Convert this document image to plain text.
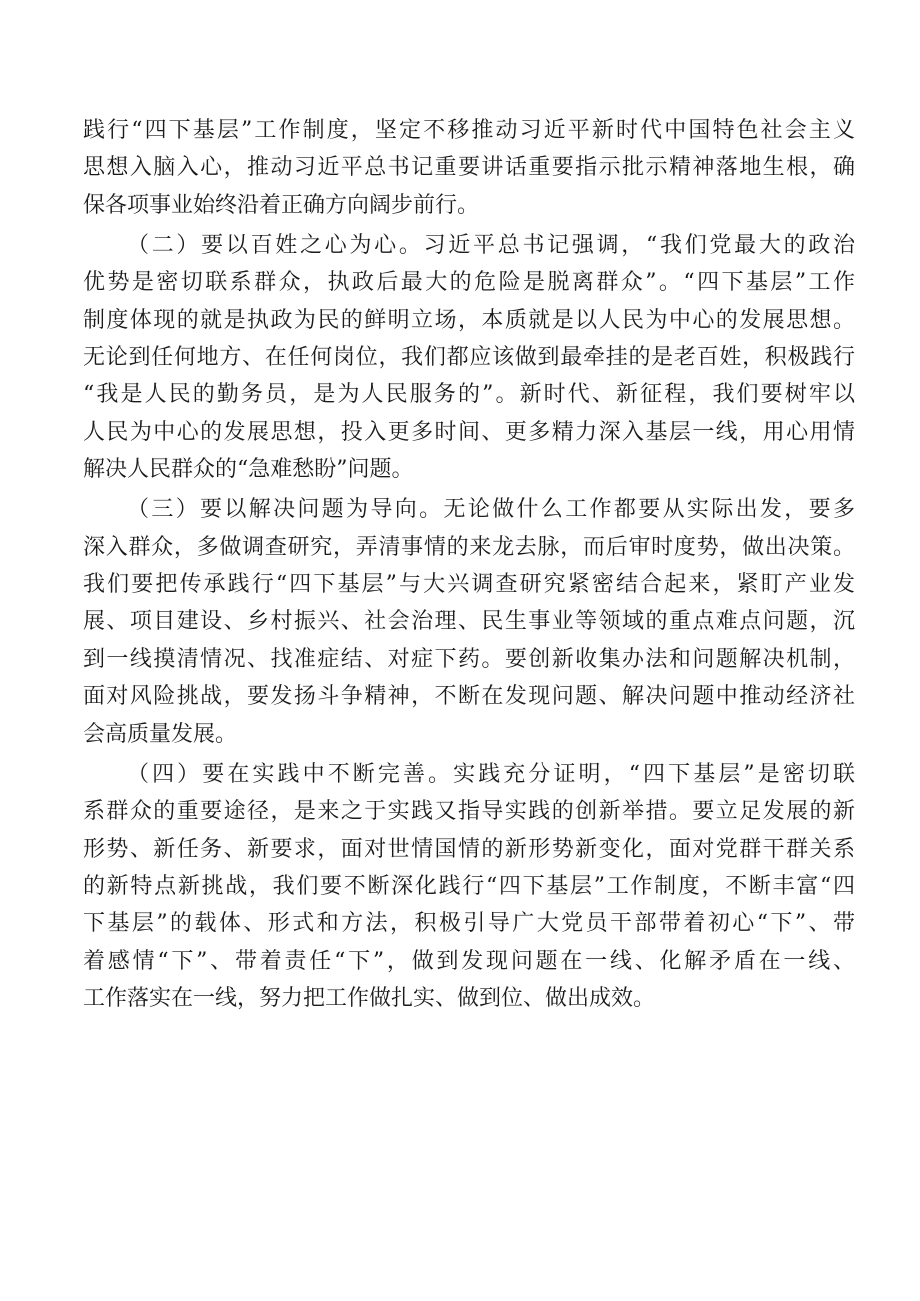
践行“四下基层”工作制度，坚定不移推动习近平新时代中国特色社会主义
思想入脑入心，推动习近平总书记重要讲话重要指示批示精神落地生根，确
保各项事业始终沿着正确方向阔步前行。
（二）要以百姓之心为心。习近平总书记强调，“我们党最大的政治
优势是密切联系群众，执政后最大的危险是脱离群众”。“四下基层”工作
制度体现的就是执政为民的鲜明立场，本质就是以人民为中心的发展思想。
无论到任何地方、在任何岗位，我们都应该做到最牵挂的是老百姓，积极践行
“我是人民的勤务员，是为人民服务的”。新时代、新征程，我们要树牢以
人民为中心的发展思想，投入更多时间、更多精力深入基层一线，用心用情
解决人民群众的“急难愁盼”问题。
（三）要以解决问题为导向。无论做什么工作都要从实际出发，要多
深入群众，多做调查研究，弄清事情的来龙去脉，而后审时度势，做出决策。
我们要把传承践行“四下基层”与大兴调查研究紧密结合起来，紧盯产业发
展、项目建设、乡村振兴、社会治理、民生事业等领域的重点难点问题，沉
到一线摸清情况、找准症结、对症下药。要创新收集办法和问题解决机制，
面对风险挑战，要发扬斗争精神，不断在发现问题、解决问题中推动经济社
会高质量发展。
（四）要在实践中不断完善。实践充分证明，“四下基层”是密切联
系群众的重要途径，是来之于实践又指导实践的创新举措。要立足发展的新
形势、新任务、新要求，面对世情国情的新形势新变化，面对党群干群关系
的新特点新挑战，我们要不断深化践行“四下基层”工作制度，不断丰富“四
下基层”的载体、形式和方法，积极引导广大党员干部带着初心“下”、带
着感情“下”、带着责任“下”，做到发现问题在一线、化解矛盾在一线、
工作落实在一线，努力把工作做扎实、做到位、做出成效。
